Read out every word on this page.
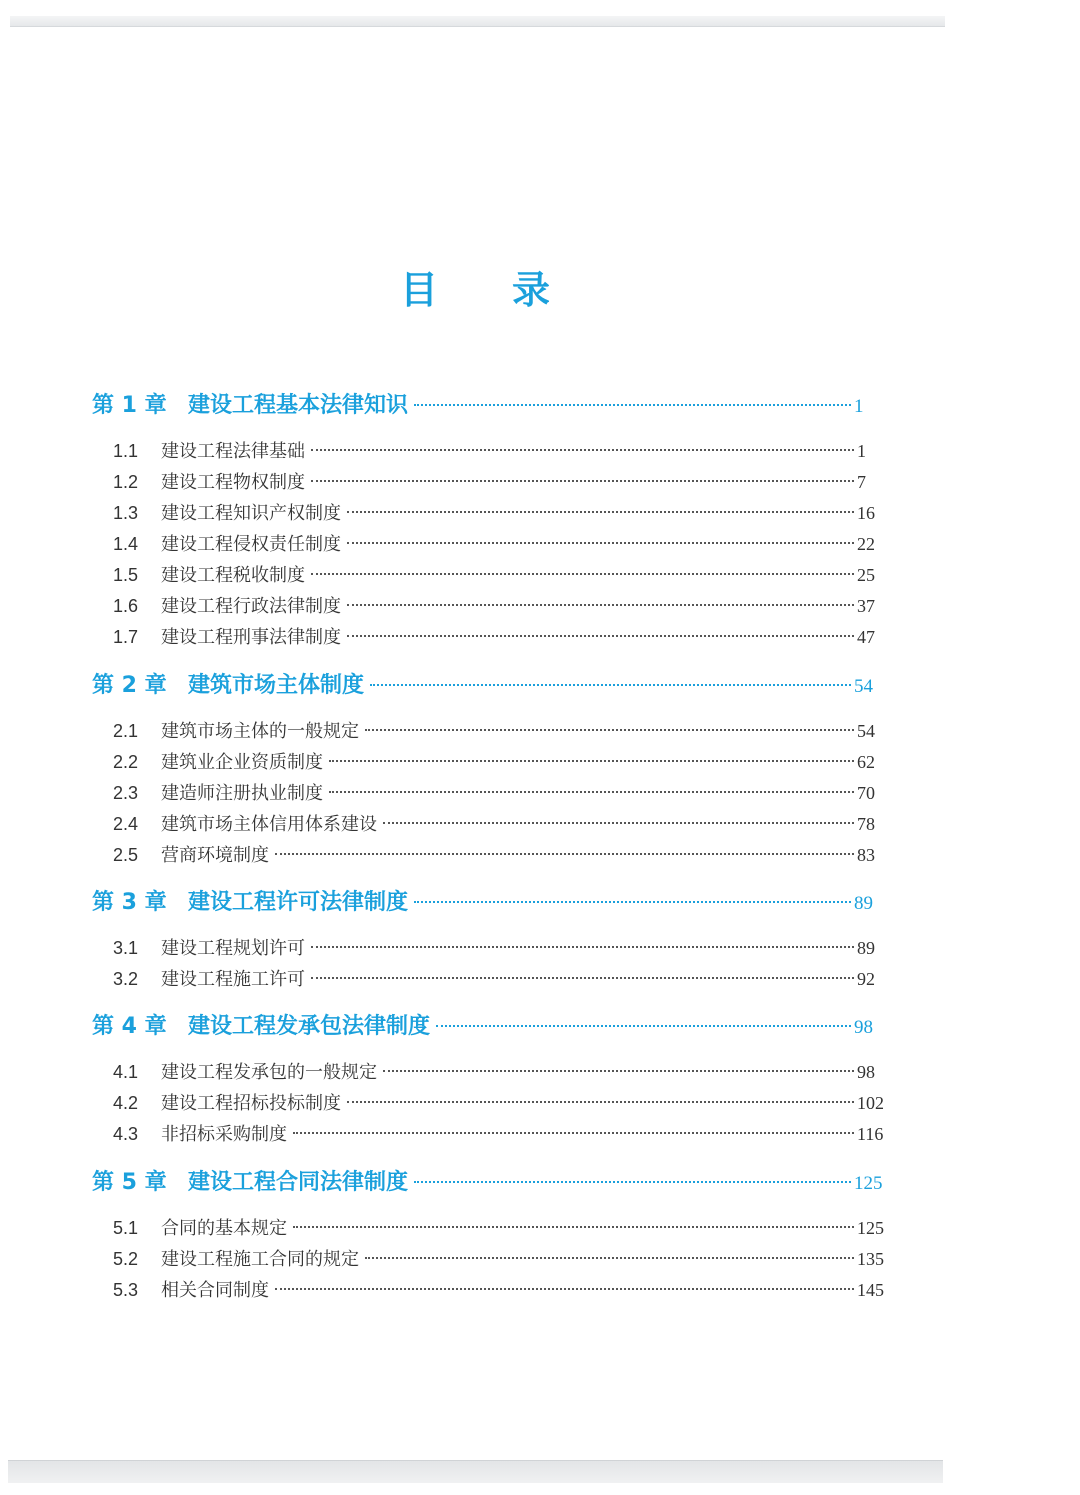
目录
第 1 章 建设工程基本法律知识	1
1.1	建设工程法律基础	1
1.2	建设工程物权制度	7
1.3	建设工程知识产权制度	16
1.4	建设工程侵权责任制度	22
1.5	建设工程税收制度	25
1.6	建设工程行政法律制度	37
1.7	建设工程刑事法律制度	47
第 2 章 建筑市场主体制度	54
2.1	建筑市场主体的一般规定	54
2.2	建筑业企业资质制度	62
2.3	建造师注册执业制度	70
2.4	建筑市场主体信用体系建设	78
2.5	营商环境制度	83
第 3 章 建设工程许可法律制度	89
3.1	建设工程规划许可	89
3.2	建设工程施工许可	92
第 4 章 建设工程发承包法律制度	98
4.1	建设工程发承包的一般规定	98
4.2	建设工程招标投标制度	102
4.3	非招标采购制度	116
第 5 章 建设工程合同法律制度	125
5.1	合同的基本规定	125
5.2	建设工程施工合同的规定	135
5.3	相关合同制度	145
